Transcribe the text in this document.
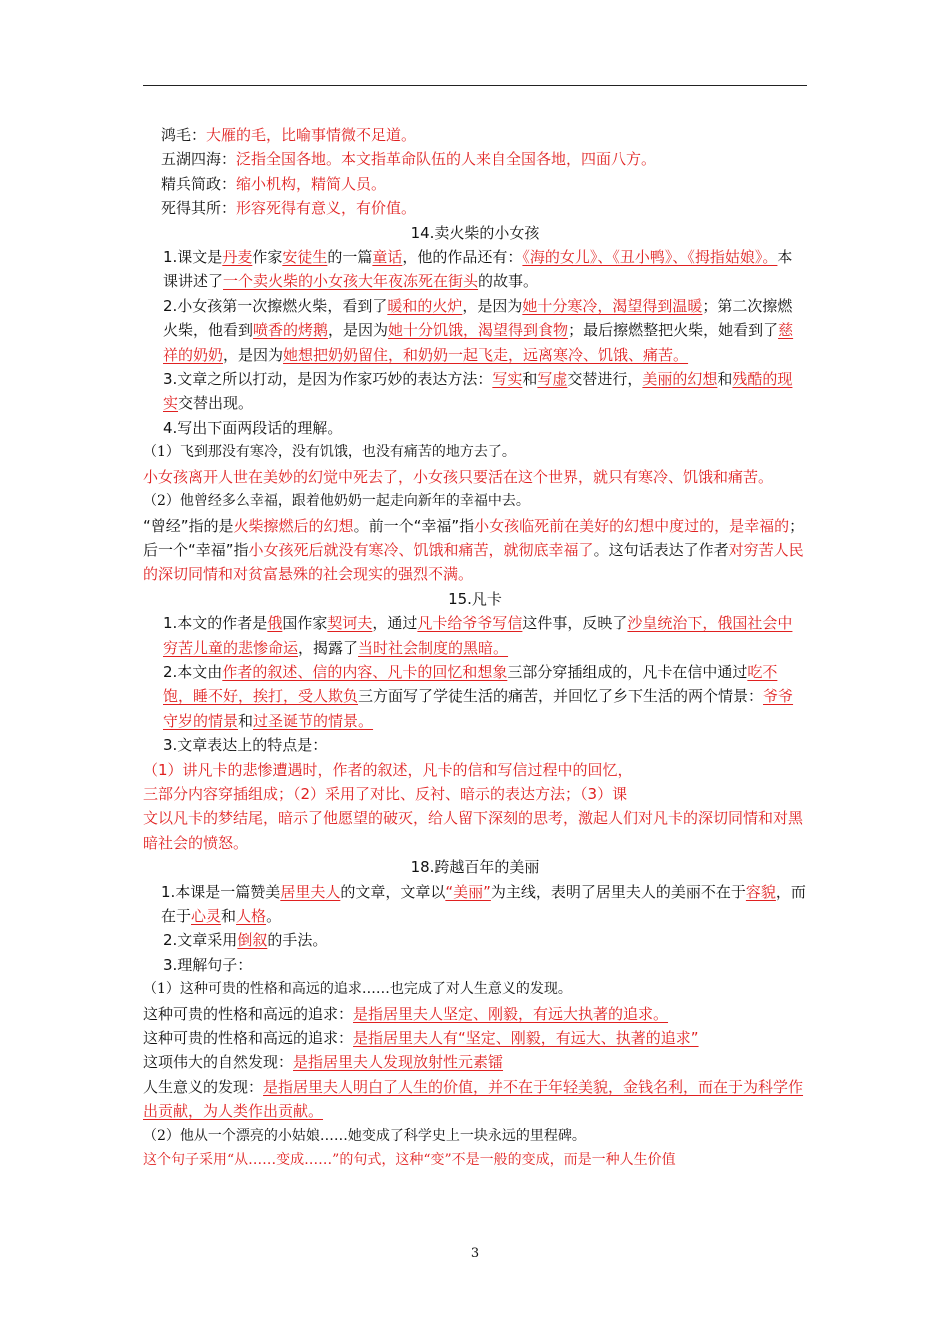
鸿毛：大雁的毛，比喻事情微不足道。

五湖四海：泛指全国各地。本文指革命队伍的人来自全国各地，四面八方。

精兵简政：缩小机构，精简人员。

死得其所：形容死得有意义，有价值。

14.卖火柴的小女孩

1.课文是丹麦作家安徒生的一篇童话，他的作品还有：《海的女儿》、《丑小鸭》、《拇指姑娘》。本课讲述了一个卖火柴的小女孩大年夜冻死在街头的故事。

2.小女孩第一次擦燃火柴，看到了暖和的火炉，是因为她十分寒冷，渴望得到温暖；第二次擦燃火柴，他看到喷香的烤鹅，是因为她十分饥饿，渴望得到食物；最后擦燃整把火柴，她看到了慈祥的奶奶，是因为她想把奶奶留住，和奶奶一起飞走，远离寒冷、饥饿、痛苦。

3.文章之所以打动，是因为作家巧妙的表达方法：写实和写虚交替进行，美丽的幻想和残酷的现实交替出现。

4.写出下面两段话的理解。

（1）飞到那没有寒冷，没有饥饿，也没有痛苦的地方去了。

小女孩离开人世在美妙的幻觉中死去了，小女孩只要活在这个世界，就只有寒冷、饥饿和痛苦。

（2）他曾经多么幸福，跟着他奶奶一起走向新年的幸福中去。

“曾经”指的是火柴擦燃后的幻想。前一个“幸福”指小女孩临死前在美好的幻想中度过的，是幸福的；后一个“幸福”指小女孩死后就没有寒冷、饥饿和痛苦，就彻底幸福了。这句话表达了作者对穷苦人民的深切同情和对贫富悬殊的社会现实的强烈不满。

15.凡卡

1.本文的作者是俄国作家契诃夫，通过凡卡给爷爷写信这件事，反映了沙皇统治下，俄国社会中穷苦儿童的悲惨命运，揭露了当时社会制度的黑暗。

2.本文由作者的叙述、信的内容、凡卡的回忆和想象三部分穿插组成的，凡卡在信中通过吃不饱，睡不好，挨打，受人欺负三方面写了学徒生活的痛苦，并回忆了乡下生活的两个情景：爷爷守岁的情景和过圣诞节的情景。

3.文章表达上的特点是：

（1）讲凡卡的悲惨遭遇时，作者的叙述，凡卡的信和写信过程中的回忆，

三部分内容穿插组成；（2）采用了对比、反衬、暗示的表达方法；（3）课

文以凡卡的梦结尾，暗示了他愿望的破灭，给人留下深刻的思考，激起人们对凡卡的深切同情和对黑暗社会的愤怒。

18.跨越百年的美丽

1.本课是一篇赞美居里夫人的文章，文章以“美丽”为主线，表明了居里夫人的美丽不在于容貌，而在于心灵和人格。

2.文章采用倒叙的手法。

3.理解句子：

（1）这种可贵的性格和高远的追求……也完成了对人生意义的发现。

这种可贵的性格和高远的追求：是指居里夫人坚定、刚毅，有远大执著的追求。

这种可贵的性格和高远的追求：是指居里夫人有“坚定、刚毅，有远大、执著的追求”

这项伟大的自然发现：是指居里夫人发现放射性元素镭

人生意义的发现：是指居里夫人明白了人生的价值，并不在于年轻美貌，金钱名利，而在于为科学作出贡献，为人类作出贡献。

（2）他从一个漂亮的小姑娘……她变成了科学史上一块永远的里程碑。

这个句子采用“从……变成……”的句式，这种“变”不是一般的变成，而是一种人生价值

3
